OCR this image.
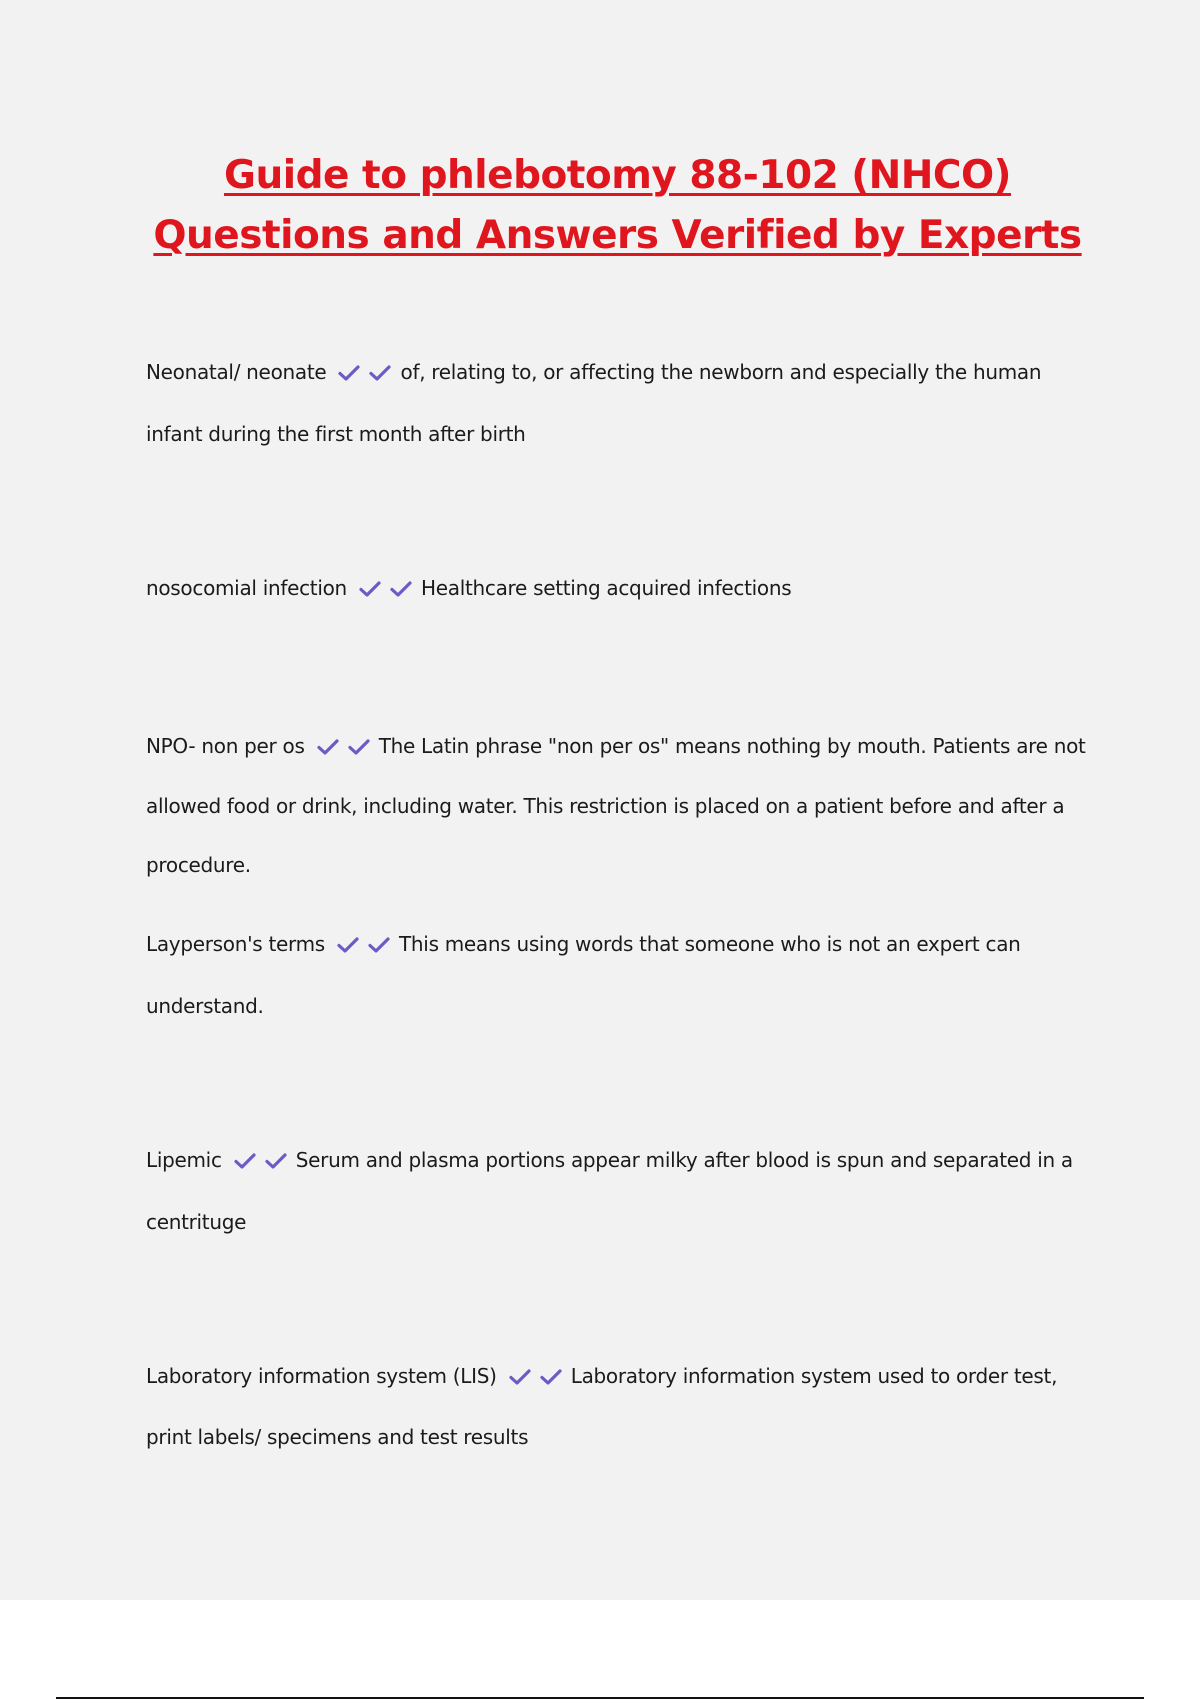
Guide to phlebotomy 88-102 (NHCO)
Questions and Answers Verified by Experts
Neonatal/ neonate	of, relating to, or affecting the newborn and especially the human
infant during the first month after birth
nosocomial infection	Healthcare setting acquired infections
NPO- non per os	The Latin phrase "non per os" means nothing by mouth. Patients are not
allowed food or drink, including water. This restriction is placed on a patient before and after a
procedure.
Layperson's terms	This means using words that someone who is not an expert can
understand.
Lipemic	Serum and plasma portions appear milky after blood is spun and separated in a
centrituge
Laboratory information system (LIS)	Laboratory information system used to order test,
print labels/ specimens and test results
